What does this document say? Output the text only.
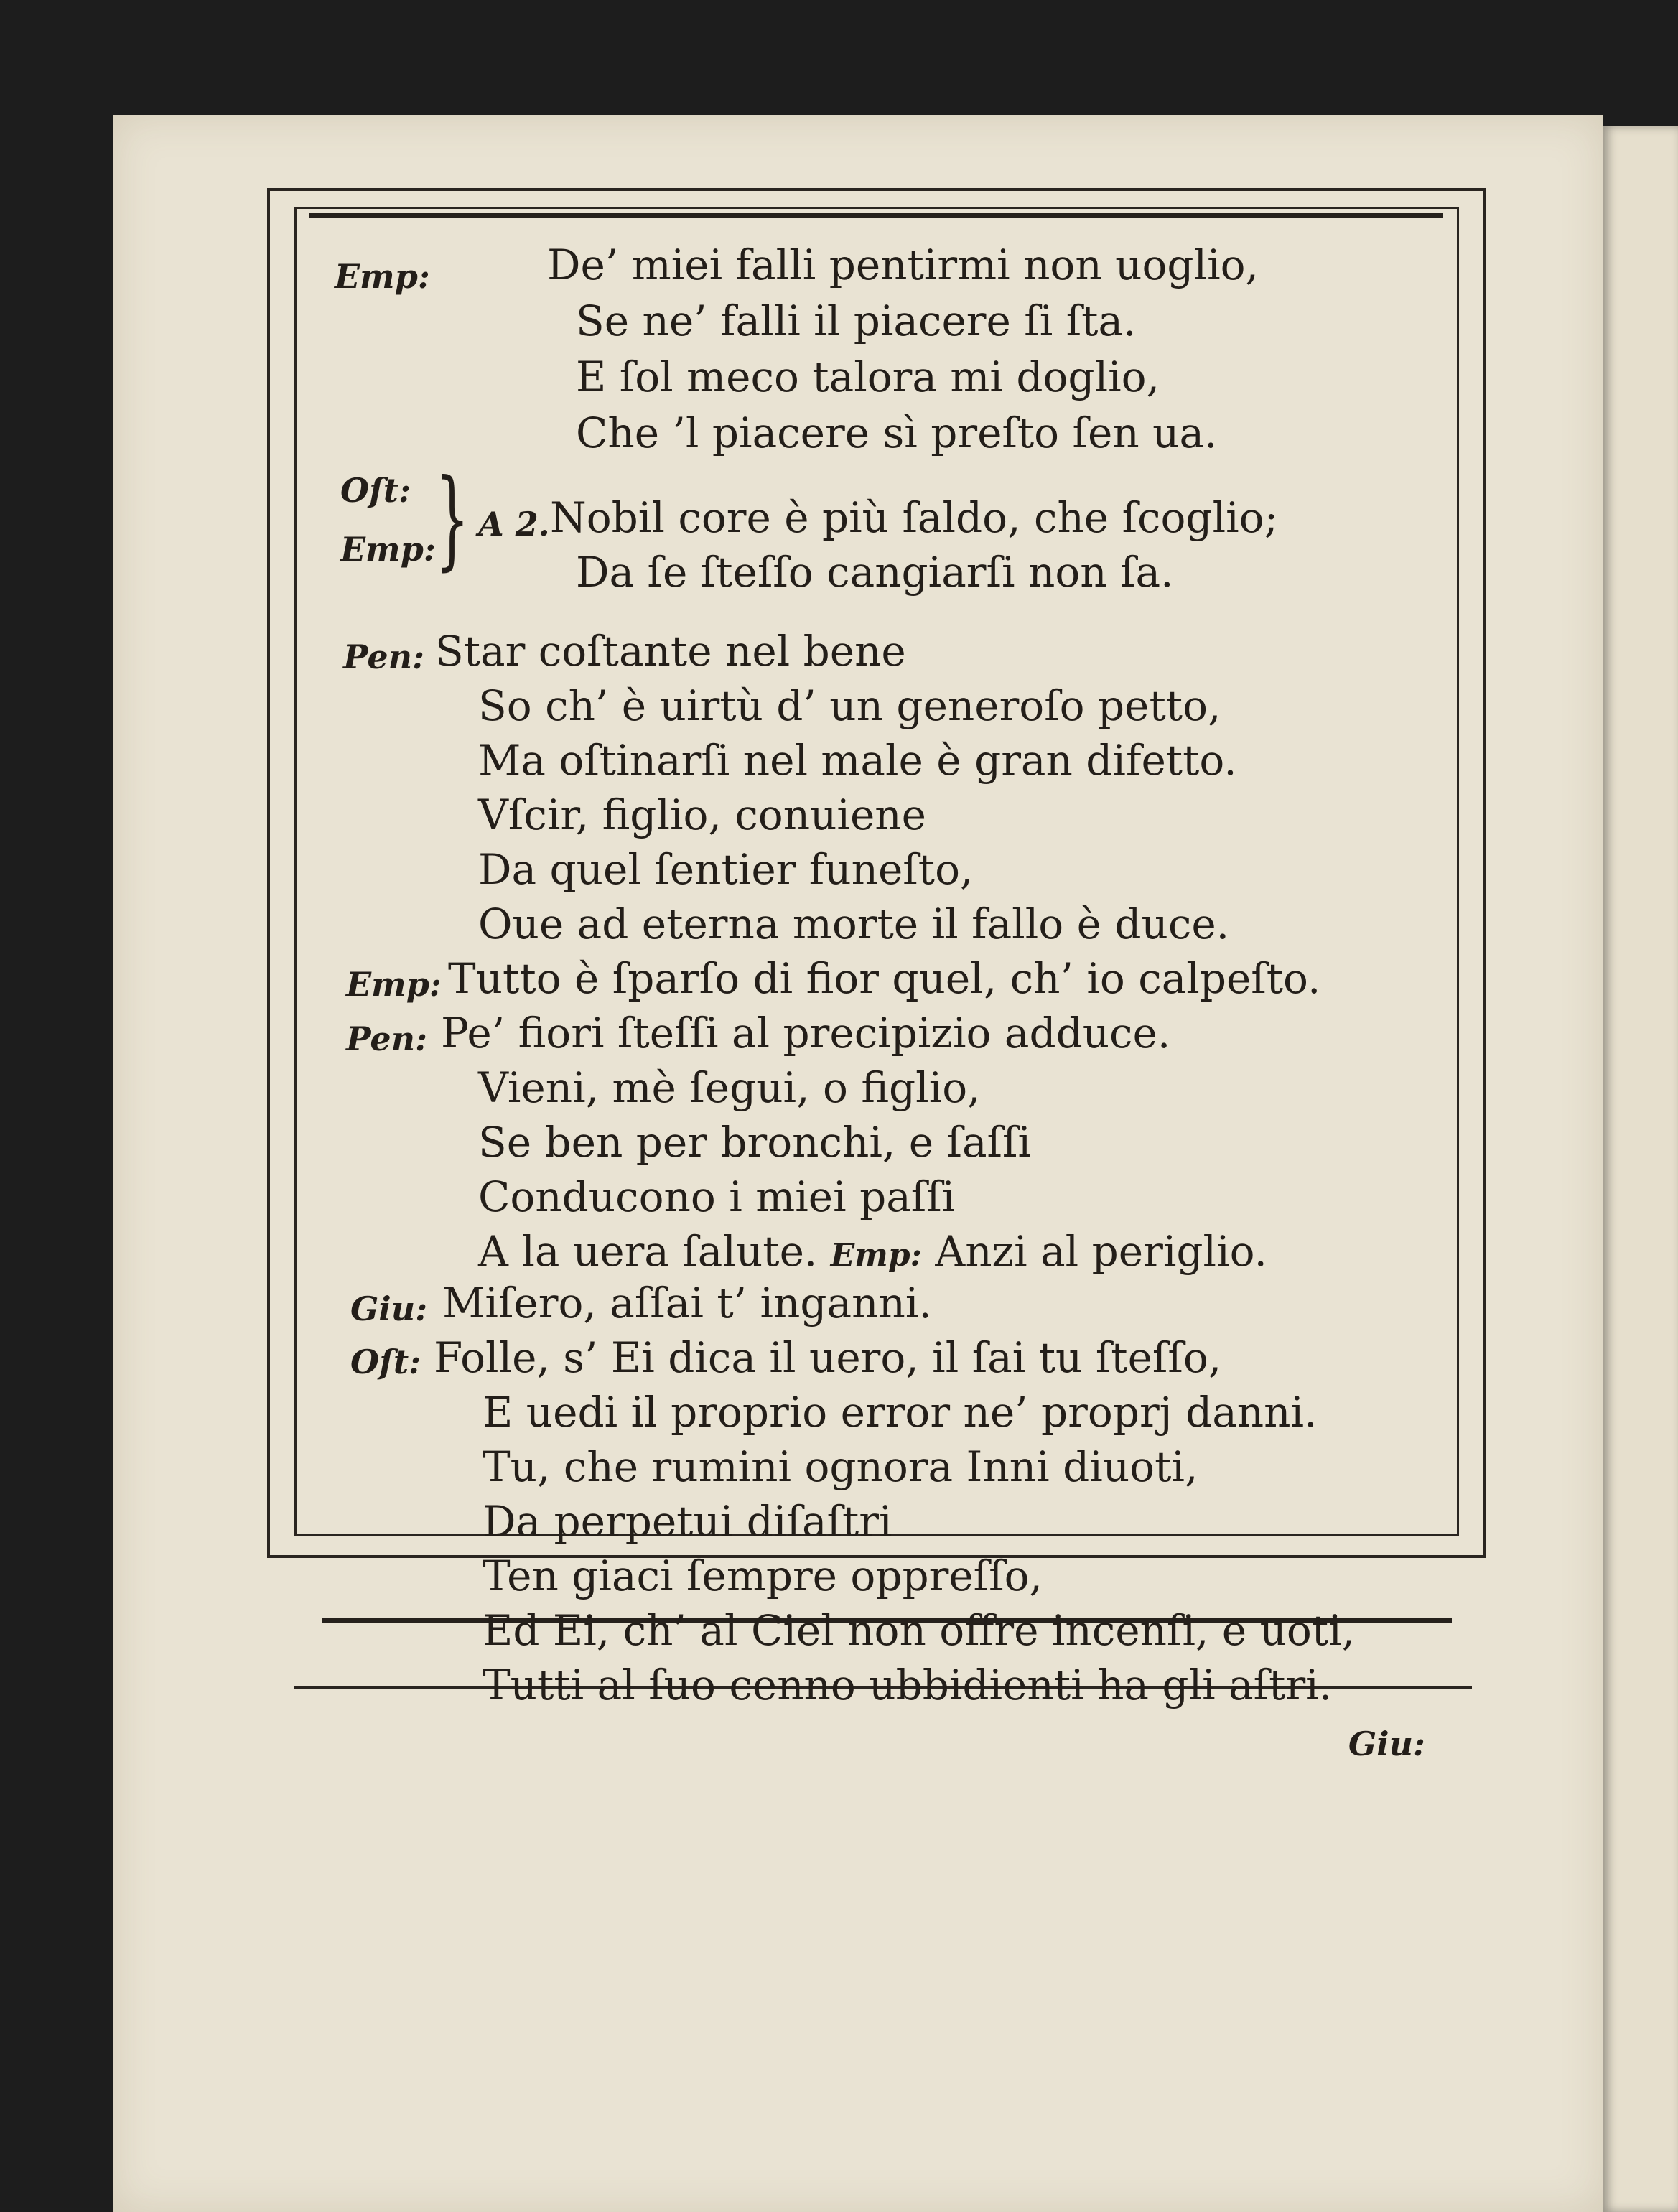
Emp:	De’ miei falli pentirmi non uoglio,
Se ne’ falli il piacere ſi ſta.
E ſol meco talora mi doglio,
Che ’l piacere sì preſto ſen ua.
Oſt:
Emp: } A 2. Nobil core è più ſaldo, che ſcoglio;
Da ſe ſteſſo cangiarſi non ſa.
Pen: Star coſtante nel bene
So ch’ è uirtù d’ un generoſo petto,
Ma oſtinarſi nel male è gran difetto.
Vſcir, figlio, conuiene
Da quel ſentier funeſto,
Oue ad eterna morte il fallo è duce.
Emp: Tutto è ſparſo di fior quel, ch’ io calpeſto.
Pen: Pe’ fiori ſteſſi al precipizio adduce.
Vieni, mè ſegui, o figlio,
Se ben per bronchi, e ſaſſi
Conducono i miei paſſi
A la uera ſalute. Emp: Anzi al periglio.
Giu: Miſero, aſſai t’ inganni.
Oſt: Folle, s’ Ei dica il uero, il ſai tu ſteſſo,
E uedi il proprio error ne’ proprj danni.
Tu, che rumini ognora Inni diuoti,
Da perpetui diſaſtri
Ten giaci ſempre oppreſſo,
Ed Ei, ch’ al Ciel non offre incenſi, e uoti,
Tutti al ſuo cenno ubbidienti ha gli aſtri.
Giu:
